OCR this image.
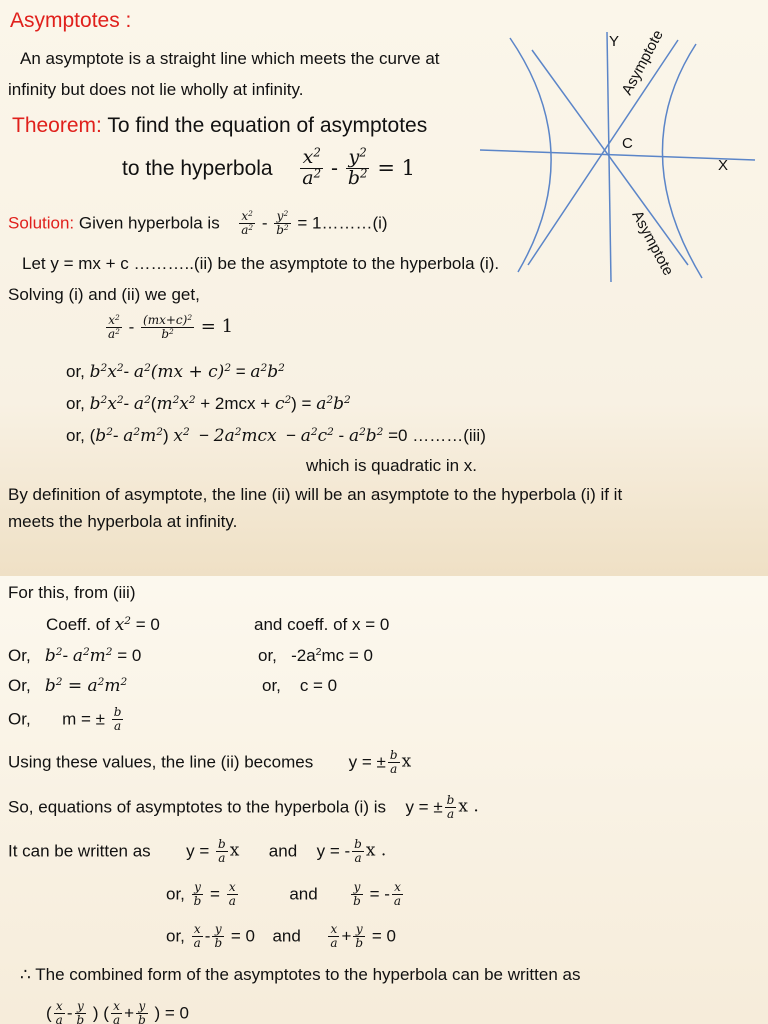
Asymptotes :
An asymptote is a straight line which meets the curve at
infinity but does not lie wholly at infinity.
Theorem: To find the equation of asymptotes
to the hyperbola $\frac{x^2}{a^2} - \frac{y^2}{b^2} = 1$
Solution: Given hyperbola is $\frac{x^2}{a^2} - \frac{y^2}{b^2}$ = 1………(i)
Let y = mx + c ………..(ii) be the asymptote to the hyperbola (i).
Solving (i) and (ii) we get,
$\frac{x^2}{a^2} - \frac{(mx+c)^2}{b^2} = 1$
or, $b^2x^2-$ $a^2(mx + c)^2 = a^2b^2$
or, $b^2x^2-$ $a^2(m^2x^2 + 2mcx + c^2) = a^2b^2$
or, ($b^2-$ $a^2m^2$) $x^2 - 2a^2mcx - a^2c^2 - a^2b^2 =0$ ………(iii)
which is quadratic in x.
By definition of asymptote, the line (ii) will be an asymptote to the hyperbola (i) if it
meets the hyperbola at infinity.
Y
X
C
Asymptote
Asymptote
For this, from (iii)
Coeff. of $x^2 = 0$	and coeff. of x = 0
Or, $b^2-$ $a^2m^2 = 0$	or, $-2a^2mc = 0$
Or, $b^2 = a^2m^2$	or, c = 0
Or, m = ± $\frac{b}{a}$
Using these values, the line (ii) becomes y = ± $\frac{b}{a}$ x
So, equations of asymptotes to the hyperbola (i) is y = ± $\frac{b}{a}$ x .
It can be written as $y = \frac{b}{a}$ x and y = - $\frac{b}{a}$ x .
or, $\frac{y}{b} = \frac{x}{a}$	and	$\frac{y}{b}$ = - $\frac{x}{a}$
or, $\frac{x}{a} - \frac{y}{b} = 0$ and $\frac{x}{a} + \frac{y}{b} = 0$
∴ The combined form of the asymptotes to the hyperbola can be written as
( $\frac{x}{a} - \frac{y}{b}$ ) ( $\frac{x}{a} + \frac{y}{b}$ ) = 0
